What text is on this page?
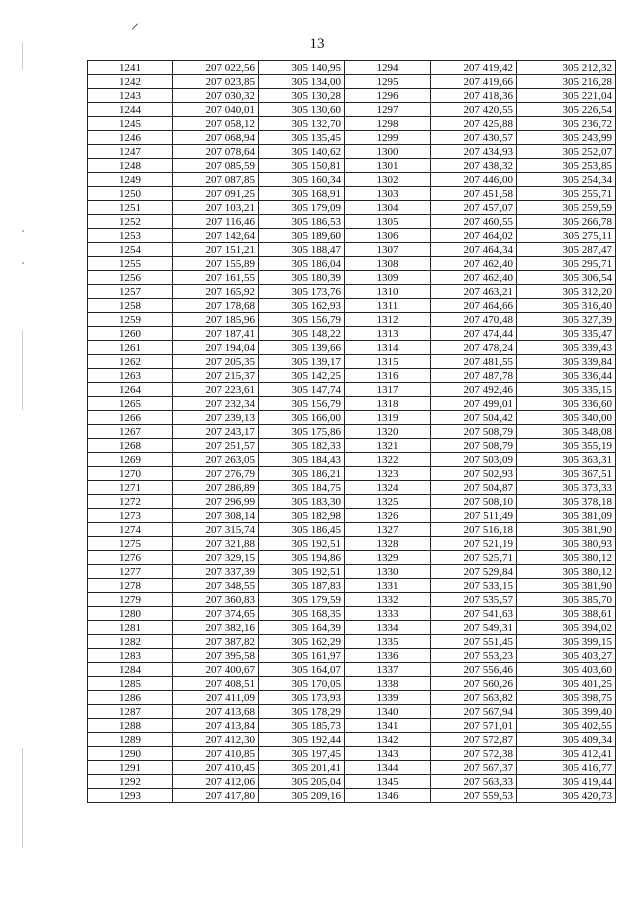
13
1241	207 022,56	305 140,95	1294	207 419,42	305 212,32
1242	207 023,85	305 134,00	1295	207 419,66	305 216,28
1243	207 030,32	305 130,28	1296	207 418,36	305 221,04
1244	207 040,01	305 130,60	1297	207 420,55	305 226,54
1245	207 058,12	305 132,70	1298	207 425,88	305 236,72
1246	207 068,94	305 135,45	1299	207 430,57	305 243,99
1247	207 078,64	305 140,62	1300	207 434,93	305 252,07
1248	207 085,59	305 150,81	1301	207 438,32	305 253,85
1249	207 087,85	305 160,34	1302	207 446,00	305 254,34
1250	207 091,25	305 168,91	1303	207 451,58	305 255,71
1251	207 103,21	305 179,09	1304	207 457,07	305 259,59
1252	207 116,46	305 186,53	1305	207 460,55	305 266,78
1253	207 142,64	305 189,60	1306	207 464,02	305 275,11
1254	207 151,21	305 188,47	1307	207 464,34	305 287,47
1255	207 155,89	305 186,04	1308	207 462,40	305 295,71
1256	207 161,55	305 180,39	1309	207 462,40	305 306,54
1257	207 165,92	305 173,76	1310	207 463,21	305 312,20
1258	207 178,68	305 162,93	1311	207 464,66	305 316,40
1259	207 185,96	305 156,79	1312	207 470,48	305 327,39
1260	207 187,41	305 148,22	1313	207 474,44	305 335,47
1261	207 194,04	305 139,66	1314	207 478,24	305 339,43
1262	207 205,35	305 139,17	1315	207 481,55	305 339,84
1263	207 215,37	305 142,25	1316	207 487,78	305 336,44
1264	207 223,61	305 147,74	1317	207 492,46	305 335,15
1265	207 232,34	305 156,79	1318	207 499,01	305 336,60
1266	207 239,13	305 166,00	1319	207 504,42	305 340,00
1267	207 243,17	305 175,86	1320	207 508,79	305 348,08
1268	207 251,57	305 182,33	1321	207 508,79	305 355,19
1269	207 263,05	305 184,43	1322	207 503,09	305 363,31
1270	207 276,79	305 186,21	1323	207 502,93	305 367,51
1271	207 286,89	305 184,75	1324	207 504,87	305 373,33
1272	207 296,99	305 183,30	1325	207 508,10	305 378,18
1273	207 308,14	305 182,98	1326	207 511,49	305 381,09
1274	207 315,74	305 186,45	1327	207 516,18	305 381,90
1275	207 321,88	305 192,51	1328	207 521,19	305 380,93
1276	207 329,15	305 194,86	1329	207 525,71	305 380,12
1277	207 337,39	305 192,51	1330	207 529,84	305 380,12
1278	207 348,55	305 187,83	1331	207 533,15	305 381,90
1279	207 360,83	305 179,59	1332	207 535,57	305 385,70
1280	207 374,65	305 168,35	1333	207 541,63	305 388,61
1281	207 382,16	305 164,39	1334	207 549,31	305 394,02
1282	207 387,82	305 162,29	1335	207 551,45	305 399,15
1283	207 395,58	305 161,97	1336	207 553,23	305 403,27
1284	207 400,67	305 164,07	1337	207 556,46	305 403,60
1285	207 408,51	305 170,05	1338	207 560,26	305 401,25
1286	207 411,09	305 173,93	1339	207 563,82	305 398,75
1287	207 413,68	305 178,29	1340	207 567,94	305 399,40
1288	207 413,84	305 185,73	1341	207 571,01	305 402,55
1289	207 412,30	305 192,44	1342	207 572,87	305 409,34
1290	207 410,85	305 197,45	1343	207 572,38	305 412,41
1291	207 410,45	305 201,41	1344	207 567,37	305 416,77
1292	207 412,06	305 205,04	1345	207 563,33	305 419,44
1293	207 417,80	305 209,16	1346	207 559,53	305 420,73
